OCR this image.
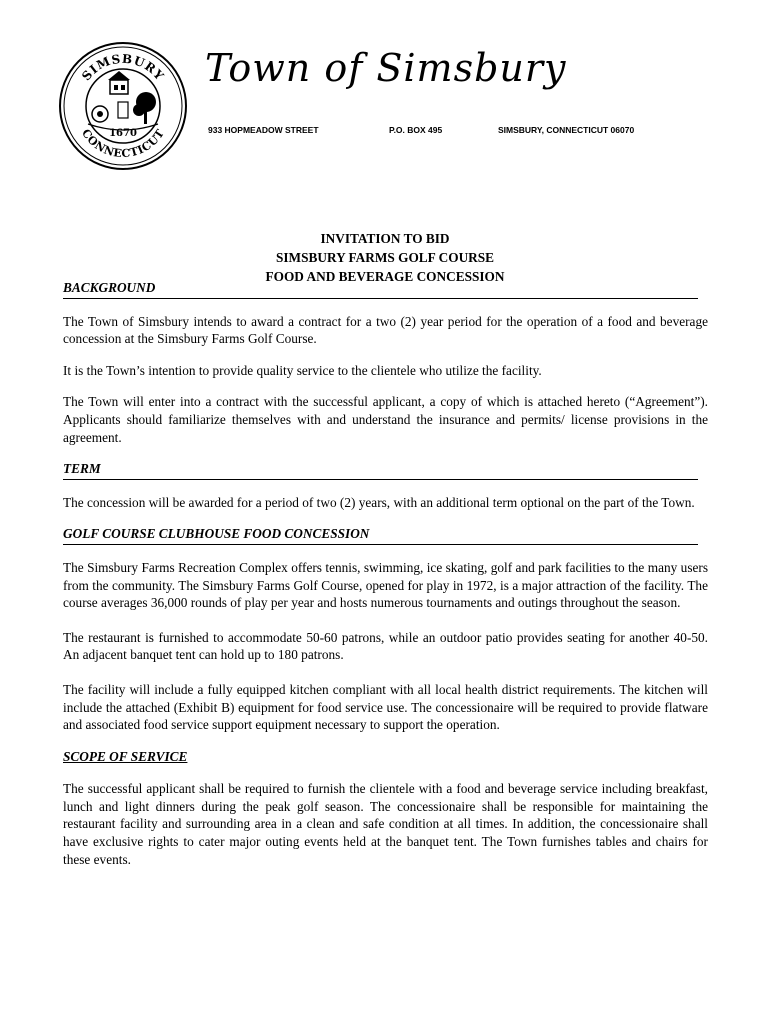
SIMSBURY
CONNECTICUT
1670
Town of Simsbury
933 HOPMEADOW STREET	P.O. BOX 495	SIMSBURY, CONNECTICUT 06070
INVITATION TO BID
SIMSBURY FARMS GOLF COURSE
FOOD AND BEVERAGE CONCESSION
BACKGROUND

The Town of Simsbury intends to award a contract for a two (2) year period for the operation of a food and beverage concession at the Simsbury Farms Golf Course.

It is the Town’s intention to provide quality service to the clientele who utilize the facility.

The Town will enter into a contract with the successful applicant, a copy of which is attached hereto (“Agreement”). Applicants should familiarize themselves with and understand the insurance and permits/ license provisions in the agreement.

TERM

The concession will be awarded for a period of two (2) years, with an additional term optional on the part of the Town.

GOLF COURSE CLUBHOUSE FOOD CONCESSION

The Simsbury Farms Recreation Complex offers tennis, swimming, ice skating, golf and park facilities to the many users from the community. The Simsbury Farms Golf Course, opened for play in 1972, is a major attraction of the facility. The course averages 36,000 rounds of play per year and hosts numerous tournaments and outings throughout the season.

The restaurant is furnished to accommodate 50-60 patrons, while an outdoor patio provides seating for another 40-50. An adjacent banquet tent can hold up to 180 patrons.

The facility will include a fully equipped kitchen compliant with all local health district requirements. The kitchen will include the attached (Exhibit B) equipment for food service use. The concessionaire will be required to provide flatware and associated food service support equipment necessary to support the operation.

SCOPE OF SERVICE

The successful applicant shall be required to furnish the clientele with a food and beverage service including breakfast, lunch and light dinners during the peak golf season. The concessionaire shall be responsible for maintaining the restaurant facility and surrounding area in a clean and safe condition at all times. In addition, the concessionaire shall have exclusive rights to cater major outing events held at the banquet tent. The Town furnishes tables and chairs for these events.
